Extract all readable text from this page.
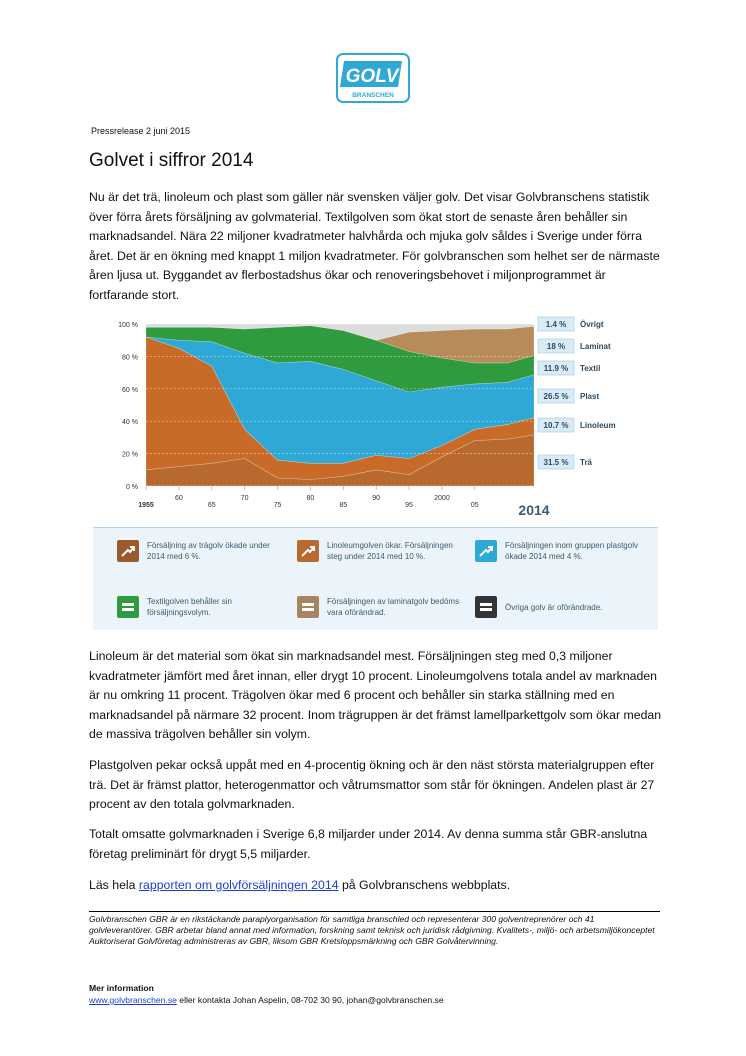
GOLV
BRANSCHEN
Pressrelease 2 juni 2015
Golvet i siffror 2014

Nu är det trä, linoleum och plast som gäller när svensken väljer golv. Det visar Golvbranschens statistik över förra årets försäljning av golvmaterial. Textilgolven som ökat stort de senaste åren behåller sin marknadsandel. Nära 22 miljoner kvadratmeter halvhårda och mjuka golv såldes i Sverige under förra året. Det är en ökning med knappt 1 miljon kvadratmeter. För golvbranschen som helhet ser de närmaste åren ljusa ut. Byggandet av flerbostadshus ökar och renoveringsbehovet i miljonprogrammet är fortfarande stort.

0 %
20 %
40 %
60 %
80 %
100 %
1955
60
65
70
75
80
85
90
95
2000
05	2014
1.4 % Övrigt
18 % Laminat
11.9 % Textil
26.5 % Plast
10.7 % Linoleum
31.5 % Trä
Försäljning av trägolv ökade under 2014 med 6 %.
Linoleumgolven ökar. Försäljningen steg under 2014 med 10 %.
Försäljningen inom gruppen plastgolv ökade 2014 med 4 %.
Textilgolven behåller sin försäljningsvolym.
Försäljningen av laminatgolv bedöms vara oförändrad.
Övriga golv är oförändrade.

Linoleum är det material som ökat sin marknadsandel mest. Försäljningen steg med 0,3 miljoner kvadratmeter jämfört med året innan, eller drygt 10 procent. Linoleumgolvens totala andel av marknaden är nu omkring 11 procent. Trägolven ökar med 6 procent och behåller sin starka ställning med en marknadsandel på närmare 32 procent. Inom trägruppen är det främst lamellparkettgolv som ökar medan de massiva trägolven behåller sin volym.

Plastgolven pekar också uppåt med en 4-procentig ökning och är den näst största materialgruppen efter trä. Det är främst plattor, heterogenmattor och våtrumsmattor som står för ökningen. Andelen plast är 27 procent av den totala golvmarknaden.

Totalt omsatte golvmarknaden i Sverige 6,8 miljarder under 2014. Av denna summa står GBR-anslutna företag preliminärt för drygt 5,5 miljarder.

Läs hela rapporten om golvförsäljningen 2014 på Golvbranschens webbplats.

Golvbranschen GBR är en rikstäckande paraplyorganisation för samtliga branschled och representerar 300 golventreprenörer och 41 golvleverantörer. GBR arbetar bland annat med information, forskning samt teknisk och juridisk rådgivning. Kvalitets-, miljö- och arbetsmiljökonceptet Auktoriserat Golvföretag administreras av GBR, liksom GBR Kretsloppsmärkning och GBR Golvåtervinning.

Mer information
www.golvbranschen.se eller kontakta Johan Aspelin, 08-702 30 90, johan@golvbranschen.se
